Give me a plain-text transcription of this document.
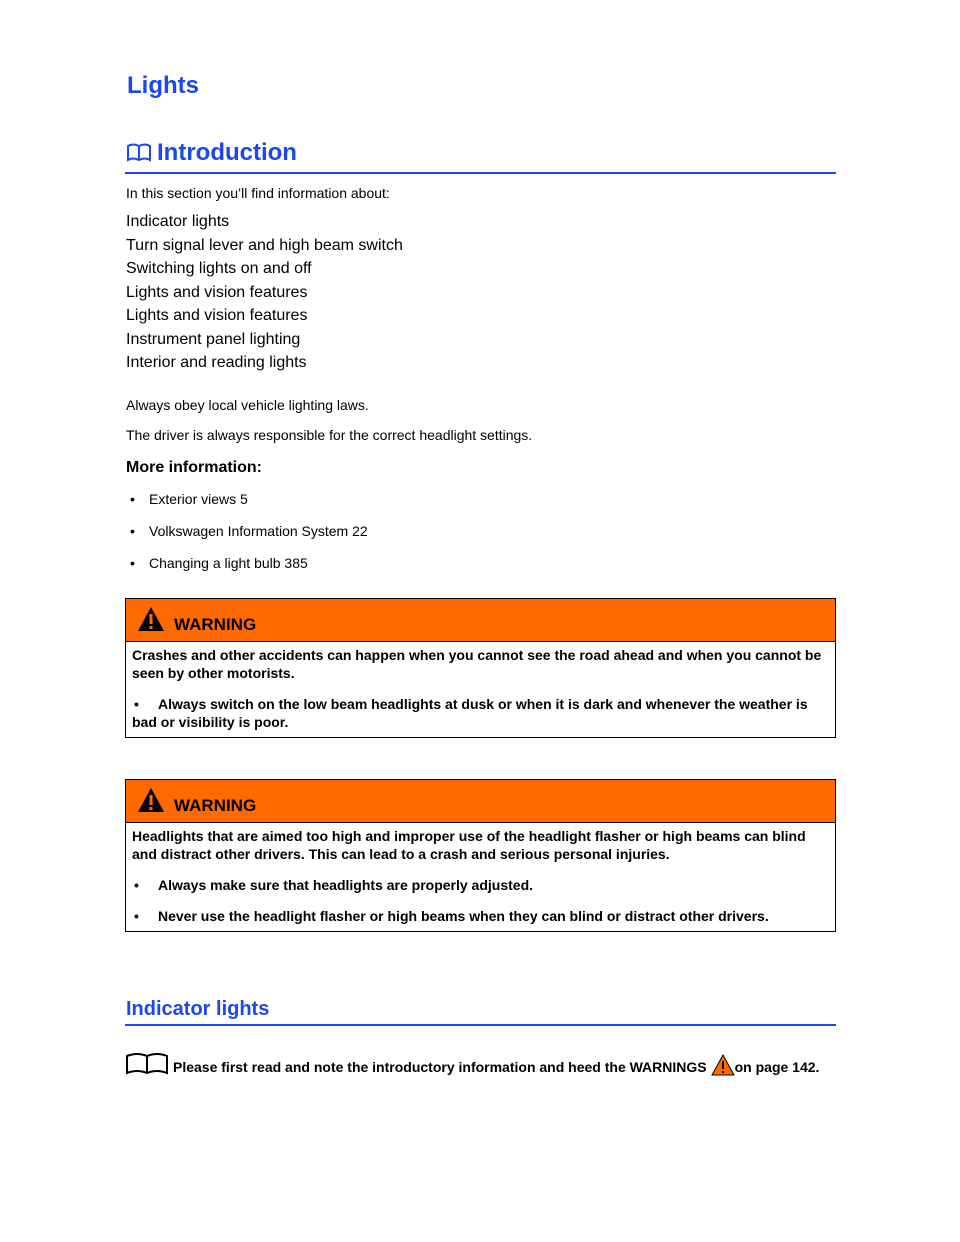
Lights
Introduction
In this section you’ll find information about:
Indicator lights
Turn signal lever and high beam switch
Switching lights on and off
Lights and vision features
Lights and vision features
Instrument panel lighting
Interior and reading lights
Always obey local vehicle lighting laws.
The driver is always responsible for the correct headlight settings.
More information:
• Exterior views 5
• Volkswagen Information System 22
• Changing a light bulb 385
WARNING

Crashes and other accidents can happen when you cannot see the road ahead and when you cannot be seen by other motorists.

• Always switch on the low beam headlights at dusk or when it is dark and whenever the weather is bad or visibility is poor.

WARNING

Headlights that are aimed too high and improper use of the headlight flasher or high beams can blind and distract other drivers. This can lead to a crash and serious personal injuries.

• Always make sure that headlights are properly adjusted.

• Never use the headlight flasher or high beams when they can blind or distract other drivers.

Indicator lights
Please first read and note the introductory information and heed the WARNINGS on page 142.
